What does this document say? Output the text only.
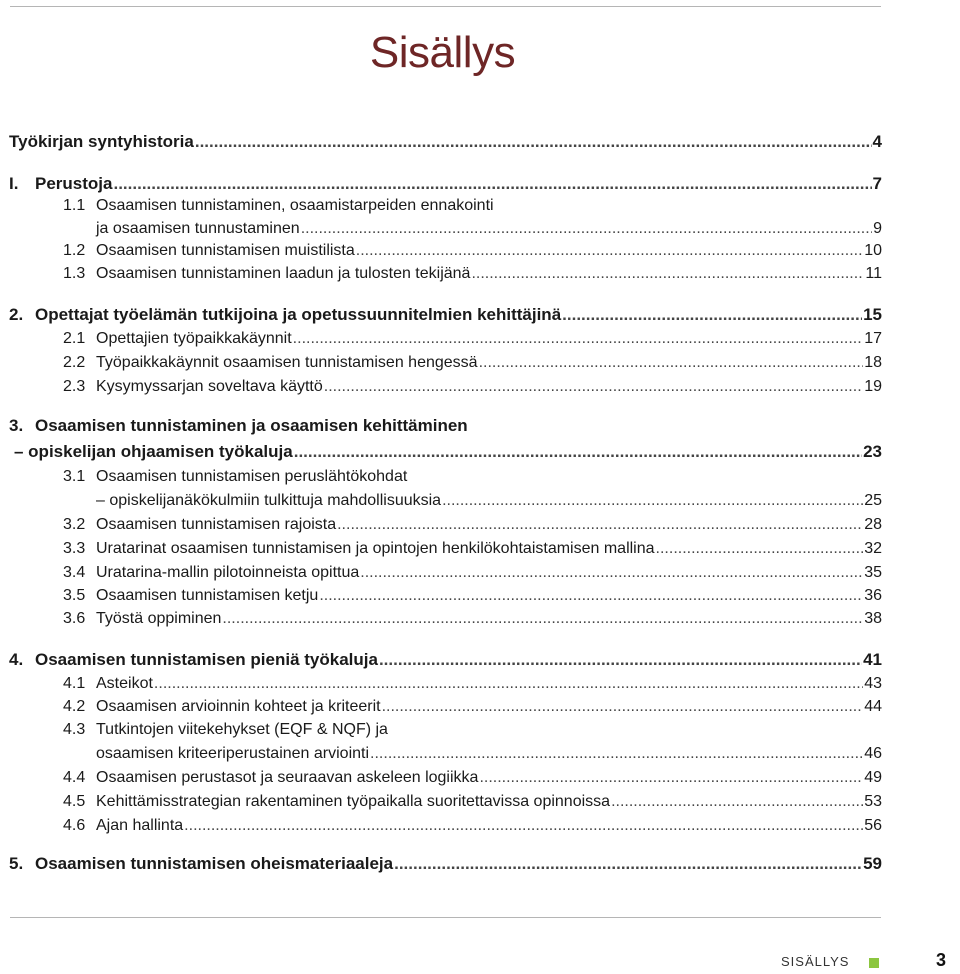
Sisällys
Työkirjan syntyhistoria .....	4
I. Perustoja .....	7
1.1 Osaamisen tunnistaminen, osaamistarpeiden ennakointi
ja osaamisen tunnustaminen .....	9
1.2 Osaamisen tunnistamisen muistilista .....	10
1.3 Osaamisen tunnistaminen laadun ja tulosten tekijänä .....	11
2. Opettajat työelämän tutkijoina ja opetussuunnitelmien kehittäjinä .....	15
2.1 Opettajien työpaikkakäynnit .....	17
2.2 Työpaikkakäynnit osaamisen tunnistamisen hengessä .....	18
2.3 Kysymyssarjan soveltava käyttö .....	19
3. Osaamisen tunnistaminen ja osaamisen kehittäminen
– opiskelijan ohjaamisen työkaluja .....	23
3.1 Osaamisen tunnistamisen peruslähtökohdat
– opiskelijanäkökulmiin tulkittuja mahdollisuuksia .....	25
3.2 Osaamisen tunnistamisen rajoista .....	28
3.3 Uratarinat osaamisen tunnistamisen ja opintojen henkilökohtaistamisen mallina .....	32
3.4 Uratarina-mallin pilotoinneista opittua .....	35
3.5 Osaamisen tunnistamisen ketju .....	36
3.6 Työstä oppiminen .....	38
4. Osaamisen tunnistamisen pieniä työkaluja .....	41
4.1 Asteikot .....	43
4.2 Osaamisen arvioinnin kohteet ja kriteerit .....	44
4.3 Tutkintojen viitekehykset (EQF & NQF) ja
osaamisen kriteeriperustainen arviointi .....	46
4.4 Osaamisen perustasot ja seuraavan askeleen logiikka .....	49
4.5 Kehittämisstrategian rakentaminen työpaikalla suoritettavissa opinnoissa .....	53
4.6 Ajan hallinta .....	56
5. Osaamisen tunnistamisen oheismateriaaleja .....	59
SISÄLLYS	3
